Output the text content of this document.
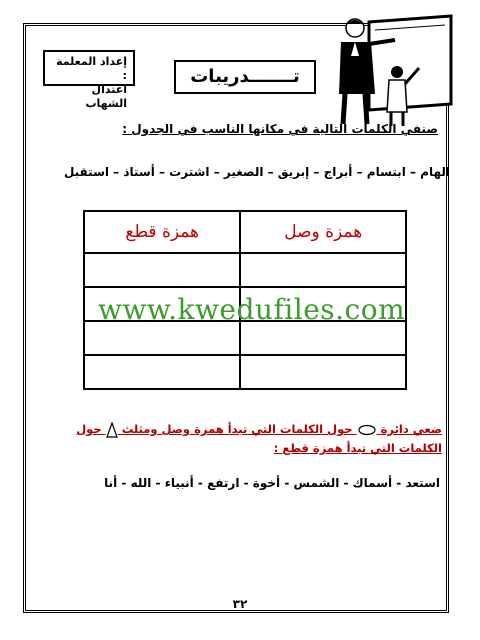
إعداد المعلمة :
اعتدال الشهاب
تـــــــدريبات
صنفي الكلمات التالية في مكانها الناسب في الجدول :
الهام – ابتسام – أبراج – إبريق – الصغير – اشترت – أستاذ – استقبل
همزة وصل	همزة قطع

www.kwedufiles.com
ضعي دائرة  حول الكلمات التي تبدأ همزة وصل ومثلث  حول الكلمات التي تبدأ همزة قطع :
استعد - أسماك - الشمس - أخوة - ارتفع - أنبياء - الله - أنا
٣٢
